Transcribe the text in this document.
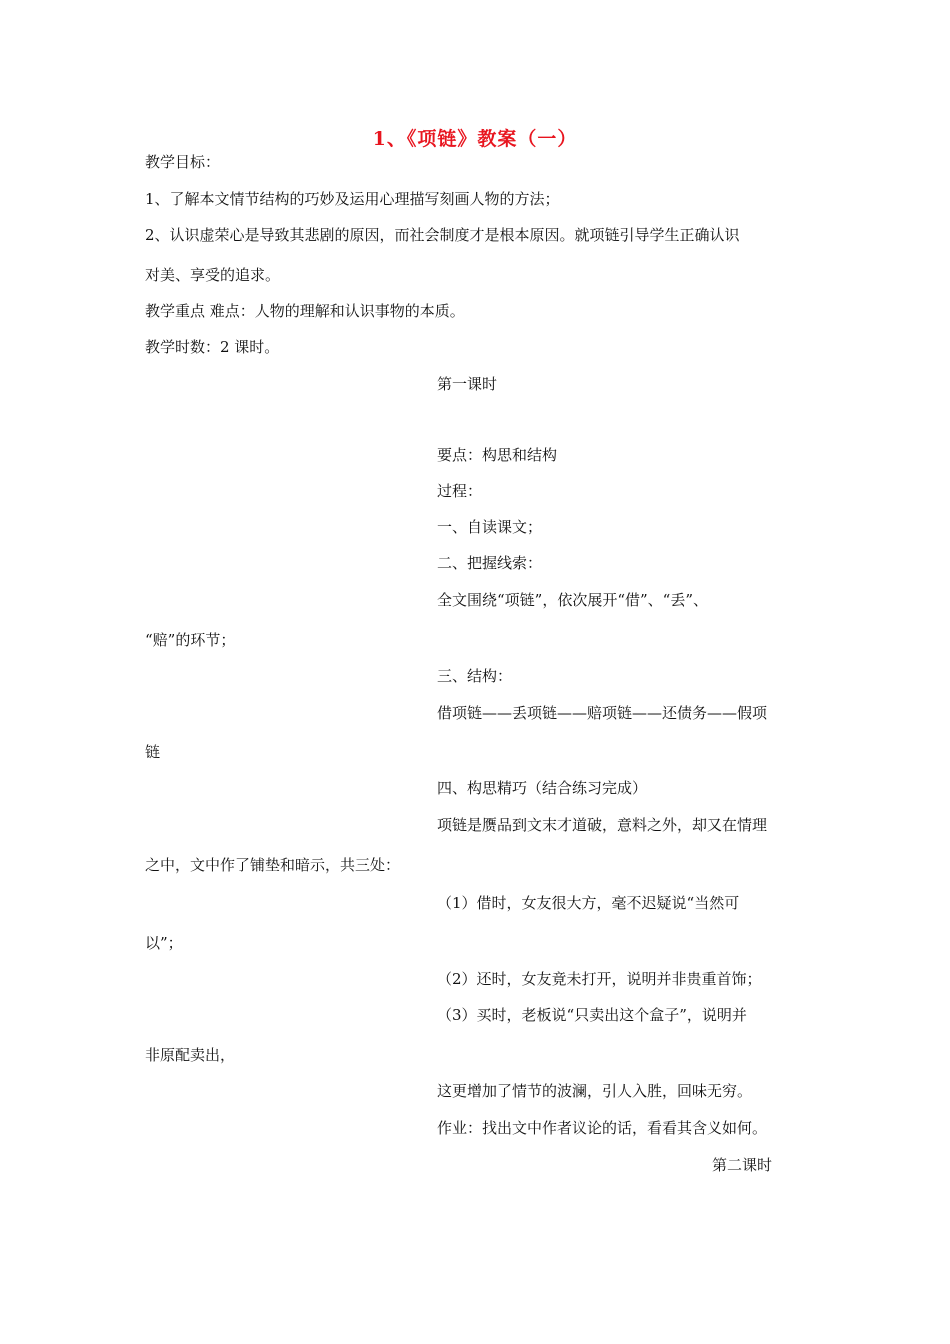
1、《项链》教案（一）
教学目标：
1、了解本文情节结构的巧妙及运用心理描写刻画人物的方法；
2、认识虚荣心是导致其悲剧的原因，而社会制度才是根本原因。就项链引导学生正确认识
对美、享受的追求。
教学重点 难点：人物的理解和认识事物的本质。
教学时数：2 课时。
第一课时
要点：构思和结构
过程：
一、自读课文；
二、把握线索：
全文围绕“项链”，依次展开“借”、“丢”、
“赔”的环节；
三、结构：
借项链——丢项链——赔项链——还债务——假项
链
四、构思精巧（结合练习完成）
项链是赝品到文末才道破，意料之外，却又在情理
之中，文中作了铺垫和暗示，共三处：
（1）借时，女友很大方，毫不迟疑说“当然可
以”；
（2）还时，女友竟未打开，说明并非贵重首饰；
（3）买时，老板说“只卖出这个盒子”，说明并
非原配卖出，
这更增加了情节的波澜，引人入胜，回味无穷。
作业：找出文中作者议论的话，看看其含义如何。
第二课时
